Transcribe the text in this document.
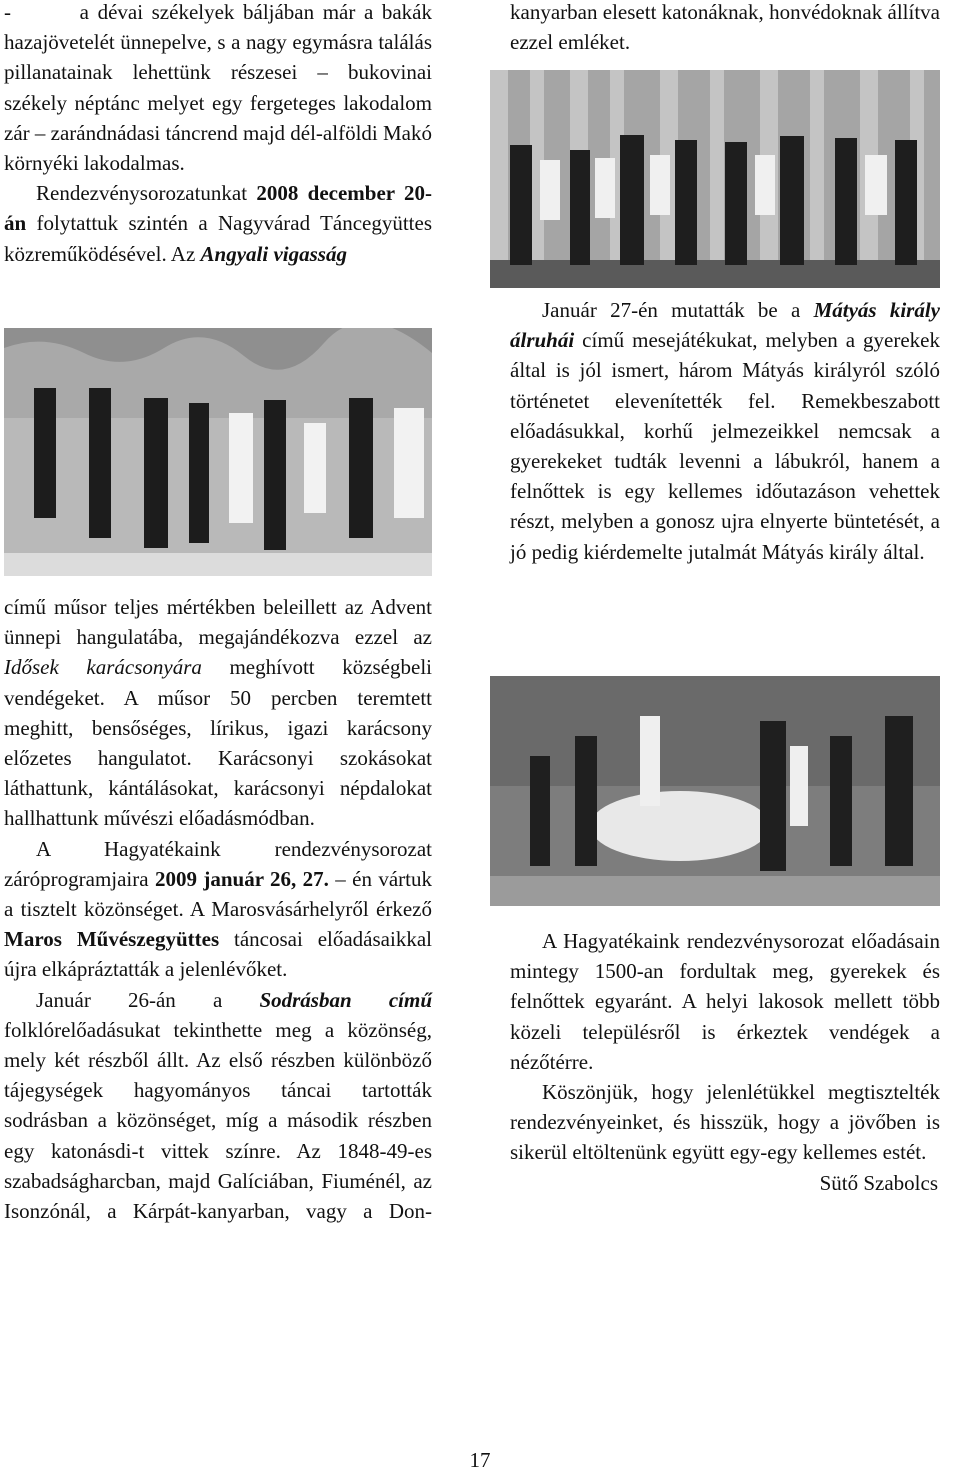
-        a dévai székelyek báljában már a bakák hazajövetelét ünnepelve, s a nagy egymásra találás pillanatainak lehettünk részesei – bukovinai székely néptánc melyet egy fergeteges lakodalom zár – zarándnádasi táncrend majd dél-alföldi Makó környéki lakodalmas.

Rendezvénysorozatunkat 2008 december 20-án folytattuk szintén a Nagyvárad Táncegyüttes közreműködésével. Az Angyali vigasság

című műsor teljes mértékben beleillett az Advent ünnepi hangulatába, megajándékozva ezzel az Idősek karácsonyára meghívott községbeli vendégeket. A műsor 50 percben teremtett meghitt, bensőséges, lírikus, igazi karácsony előzetes hangulatot. Karácsonyi szokásokat láthattunk, kántálásokat, karácsonyi népdalokat hallhattunk művészi előadásmódban.

A Hagyatékaink rendezvénysorozat záróprogramjaira 2009 január 26, 27. – én vártuk a tisztelt közönséget. A Marosvásárhelyről érkező Maros Művészegyüttes táncosai előadásaikkal újra elkápráztatták a jelenlévőket.

Január 26-án a Sodrásban című folklórelőadásukat tekinthette meg a közönség, mely két részből állt. Az első részben különböző tájegységek hagyományos táncai tartották sodrásban a közönséget, míg a második részben egy katonásdi-t vittek színre. Az 1848-49-es szabadságharcban, majd Galíciában, Fiuménél, az Isonzónál, a Kárpát-kanyarban, vagy a Don-

kanyarban elesett katonáknak, honvédoknak állítva ezzel emléket.

Január 27-én mutatták be a Mátyás király álruhái című mesejátékukat, melyben a gyerekek által is jól ismert, három Mátyás királyról szóló történetet elevenítették fel. Remekbeszabott előadásukkal, korhű jelmezeikkel nemcsak a gyerekeket tudták levenni a lábukról, hanem a felnőttek is egy kellemes időutazáson vehettek részt, melyben a gonosz ujra elnyerte büntetését, a jó pedig kiérdemelte jutalmát Mátyás király által.

A Hagyatékaink rendezvénysorozat előadásain mintegy 1500-an fordultak meg, gyerekek és felnőttek egyaránt. A helyi lakosok mellett több közeli településről is érkeztek vendégek a nézőtérre.

Köszönjük, hogy jelenlétükkel megtisztelték rendezvényeinket, és hisszük, hogy a jövőben is sikerül eltöltenünk együtt egy-egy kellemes estét.

Sütő Szabolcs

17
